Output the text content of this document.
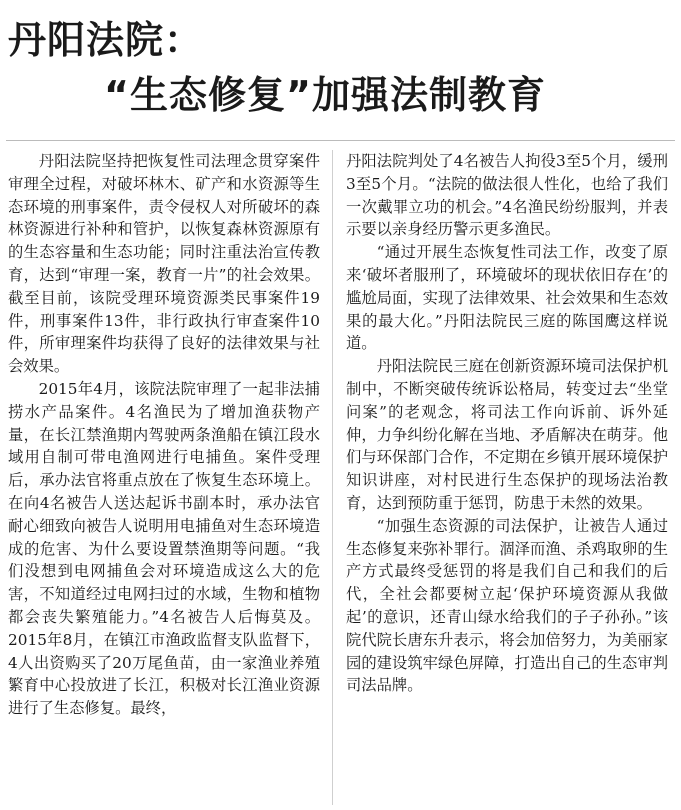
丹阳法院：
“生态修复”加强法制教育

丹阳法院坚持把恢复性司法理念贯穿案件审理全过程，对破坏林木、矿产和水资源等生态环境的刑事案件，责令侵权人对所破坏的森林资源进行补种和管护，以恢复森林资源原有的生态容量和生态功能；同时注重法治宣传教育，达到“审理一案，教育一片”的社会效果。截至目前，该院受理环境资源类民事案件19件，刑事案件13件，非行政执行审查案件10件，所审理案件均获得了良好的法律效果与社会效果。

2015年4月，该院法院审理了一起非法捕捞水产品案件。4名渔民为了增加渔获物产量，在长江禁渔期内驾驶两条渔船在镇江段水域用自制可带电渔网进行电捕鱼。案件受理后，承办法官将重点放在了恢复生态环境上。在向4名被告人送达起诉书副本时，承办法官耐心细致向被告人说明用电捕鱼对生态环境造成的危害、为什么要设置禁渔期等问题。“我们没想到电网捕鱼会对环境造成这么大的危害，不知道经过电网扫过的水域，生物和植物都会丧失繁殖能力。”4名被告人后悔莫及。2015年8月，在镇江市渔政监督支队监督下，4人出资购买了20万尾鱼苗，由一家渔业养殖繁育中心投放进了长江，积极对长江渔业资源进行了生态修复。最终，

丹阳法院判处了4名被告人拘役3至5个月，缓刑3至5个月。“法院的做法很人性化，也给了我们一次戴罪立功的机会。”4名渔民纷纷服判，并表示要以亲身经历警示更多渔民。

“通过开展生态恢复性司法工作，改变了原来‘破坏者服刑了，环境破坏的现状依旧存在’的尴尬局面，实现了法律效果、社会效果和生态效果的最大化。”丹阳法院民三庭的陈国鹰这样说道。

丹阳法院民三庭在创新资源环境司法保护机制中，不断突破传统诉讼格局，转变过去“坐堂问案”的老观念，将司法工作向诉前、诉外延伸，力争纠纷化解在当地、矛盾解决在萌芽。他们与环保部门合作，不定期在乡镇开展环境保护知识讲座，对村民进行生态保护的现场法治教育，达到预防重于惩罚，防患于未然的效果。

“加强生态资源的司法保护，让被告人通过生态修复来弥补罪行。涸泽而渔、杀鸡取卵的生产方式最终受惩罚的将是我们自己和我们的后代，全社会都要树立起‘保护环境资源从我做起’的意识，还青山绿水给我们的子子孙孙。”该院代院长唐东升表示，将会加倍努力，为美丽家园的建设筑牢绿色屏障，打造出自己的生态审判司法品牌。
